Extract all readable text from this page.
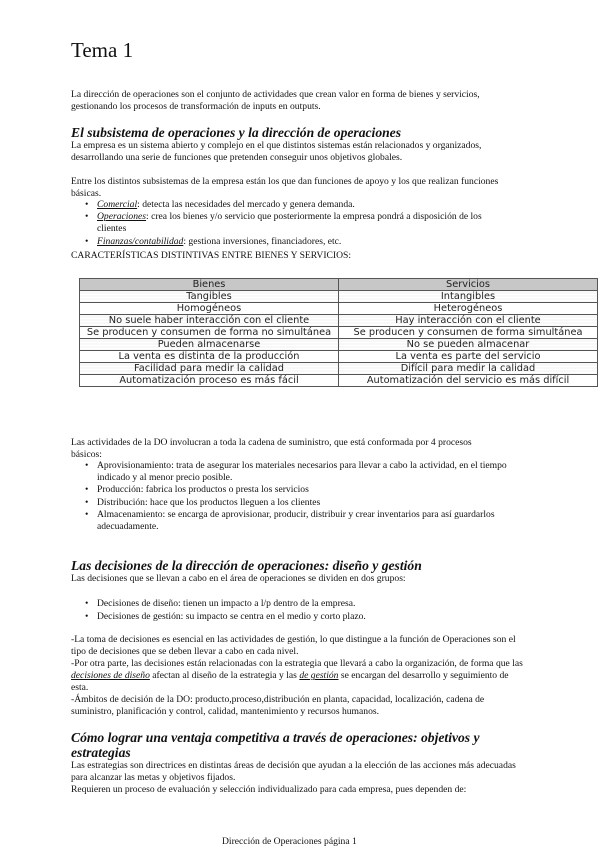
Tema 1

La dirección de operaciones son el conjunto de actividades que crean valor en forma de bienes y servicios, gestionando los procesos de transformación de inputs en outputs.

El subsistema de operaciones y la dirección de operaciones

La empresa es un sistema abierto y complejo en el que distintos sistemas están relacionados y organizados, desarrollando una serie de funciones que pretenden conseguir unos objetivos globales.

Entre los distintos subsistemas de la empresa están los que dan funciones de apoyo y los que realizan funciones básicas.

• Comercial: detecta las necesidades del mercado y genera demanda.
• Operaciones: crea los bienes y/o servicio que posteriormente la empresa pondrá a disposición de los clientes
• Finanzas/contabilidad: gestiona inversiones, financiadores, etc.

CARACTERÍSTICAS DISTINTIVAS ENTRE BIENES Y SERVICIOS:

Bienes	Servicios
Tangibles	Intangibles
Homogéneos	Heterogéneos
No suele haber interacción con el cliente	Hay interacción con el cliente
Se producen y consumen de forma no simultánea	Se producen y consumen de forma simultánea
Pueden almacenarse	No se pueden almacenar
La venta es distinta de la producción	La venta es parte del servicio
Facilidad para medir la calidad	Difícil para medir la calidad
Automatización proceso es más fácil	Automatización del servicio es más difícil

Las actividades de la DO involucran a toda la cadena de suministro, que está conformada por 4 procesos básicos:

• Aprovisionamiento: trata de asegurar los materiales necesarios para llevar a cabo la actividad, en el tiempo indicado y al menor precio posible.
• Producción: fabrica los productos o presta los servicios
• Distribución: hace que los productos lleguen a los clientes
• Almacenamiento: se encarga de aprovisionar, producir, distribuir y crear inventarios para así guardarlos adecuadamente.
Las decisiones de la dirección de operaciones: diseño y gestión

Las decisiones que se llevan a cabo en el área de operaciones se dividen en dos grupos:

• Decisiones de diseño: tienen un impacto a l/p dentro de la empresa.
• Decisiones de gestión: su impacto se centra en el medio y corto plazo.

-La toma de decisiones es esencial en las actividades de gestión, lo que distingue a la función de Operaciones son el tipo de decisiones que se deben llevar a cabo en cada nivel.

-Por otra parte, las decisiones están relacionadas con la estrategia que llevará a cabo la organización, de forma que las decisiones de diseño afectan al diseño de la estrategia y las de gestión se encargan del desarrollo y seguimiento de esta.

-Ámbitos de decisión de la DO: producto,proceso,distribución en planta, capacidad, localización, cadena de suministro, planificación y control, calidad, mantenimiento y recursos humanos.

Cómo lograr una ventaja competitiva a través de operaciones: objetivos y estrategias

Las estrategias son directrices en distintas áreas de decisión que ayudan a la elección de las acciones más adecuadas para alcanzar las metas y objetivos fijados.

Requieren un proceso de evaluación y selección individualizado para cada empresa, pues dependen de:

Dirección de Operaciones página 1
